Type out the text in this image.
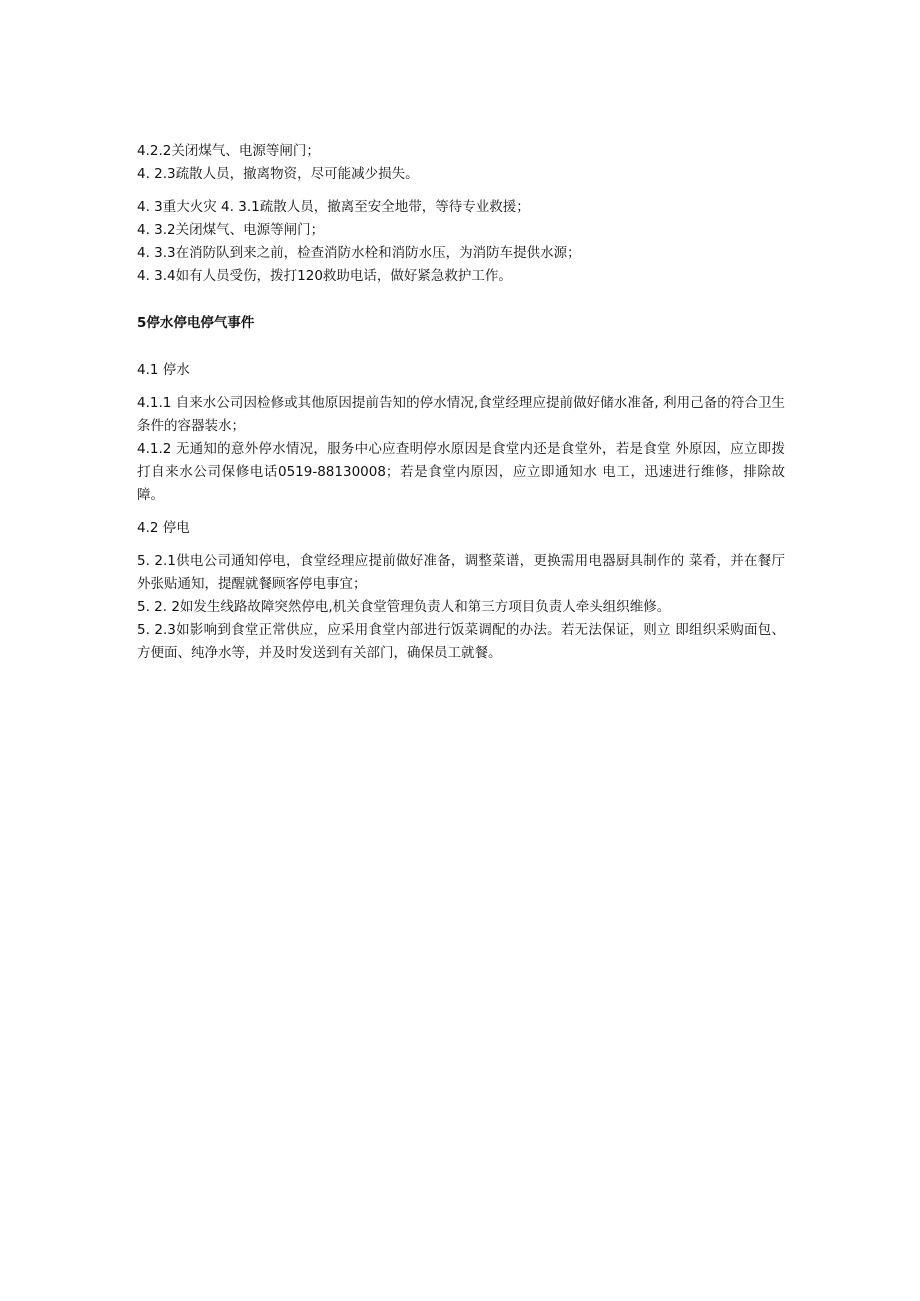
4.2.2关闭煤气、电源等闸门；

4. 2.3疏散人员，撤离物资，尽可能减少损失。

4. 3重大火灾 4. 3.1疏散人员，撤离至安全地带，等待专业救援；

4. 3.2关闭煤气、电源等闸门；

4. 3.3在消防队到来之前，检查消防水栓和消防水压，为消防车提供水源；

4. 3.4如有人员受伤，拨打120救助电话，做好紧急救护工作。

5停水停电停气事件

4.1 停水

4.1.1 自来水公司因检修或其他原因提前告知的停水情况,食堂经理应提前做好储水准备, 利用己备的符合卫生条件的容器装水；

4.1.2 无通知的意外停水情况，服务中心应查明停水原因是食堂内还是食堂外，若是食堂 外原因，应立即拨打自来水公司保修电话0519-88130008；若是食堂内原因，应立即通知水 电工，迅速进行维修，排除故障。

4.2 停电

5. 2.1供电公司通知停电，食堂经理应提前做好准备，调整菜谱，更换需用电器厨具制作的 菜肴，并在餐厅外张贴通知，提醒就餐顾客停电事宜；

5. 2. 2如发生线路故障突然停电,机关食堂管理负责人和第三方项目负责人牵头组织维修。

5. 2.3如影响到食堂正常供应，应采用食堂内部进行饭菜调配的办法。若无法保证，则立 即组织采购面包、方便面、纯净水等，并及时发送到有关部门，确保员工就餐。
